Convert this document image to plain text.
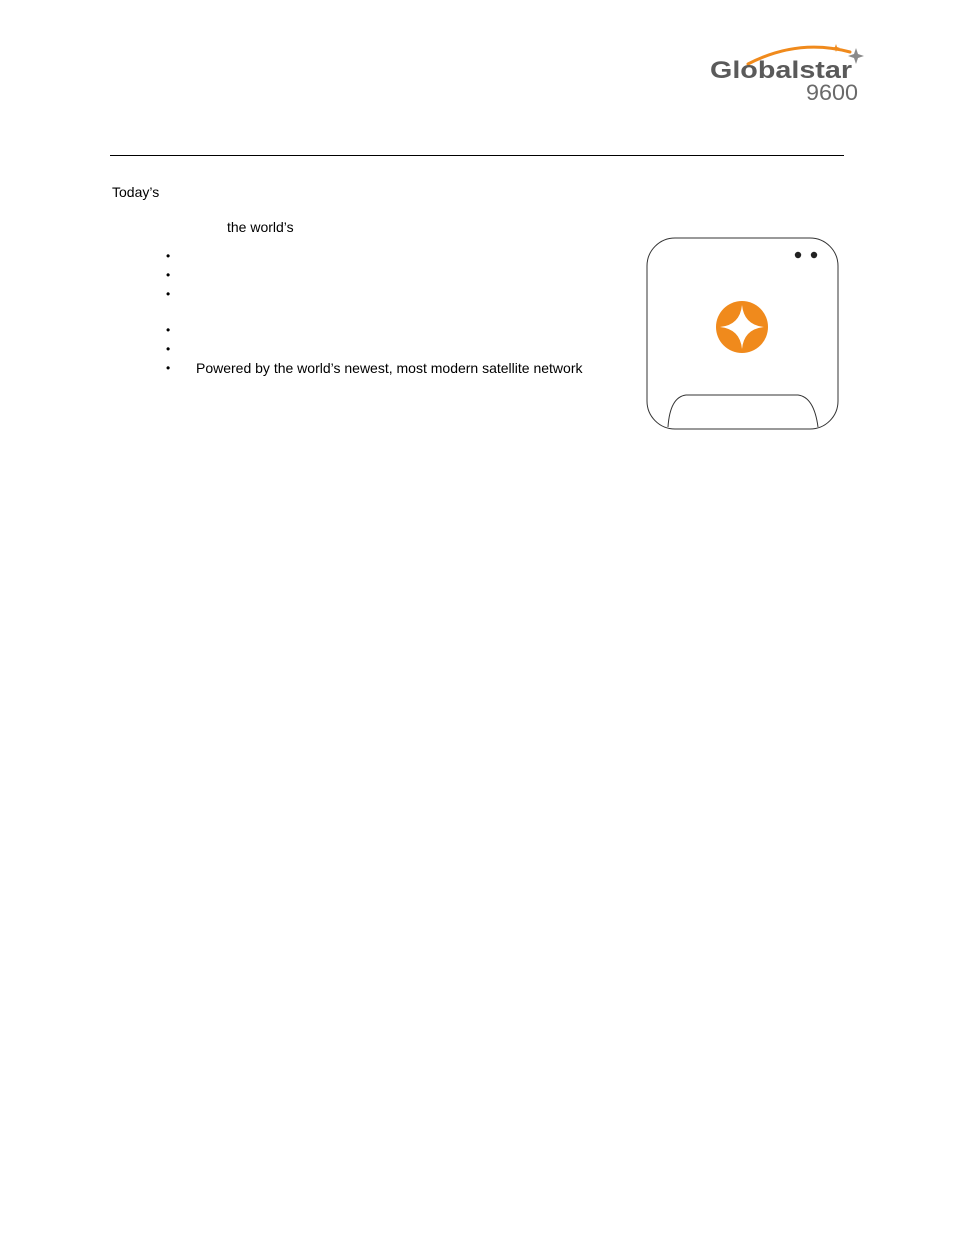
Globalstar
9600
Today’s
the world’s
•
•
•
•
•
•	Powered by the world’s newest, most modern satellite network
